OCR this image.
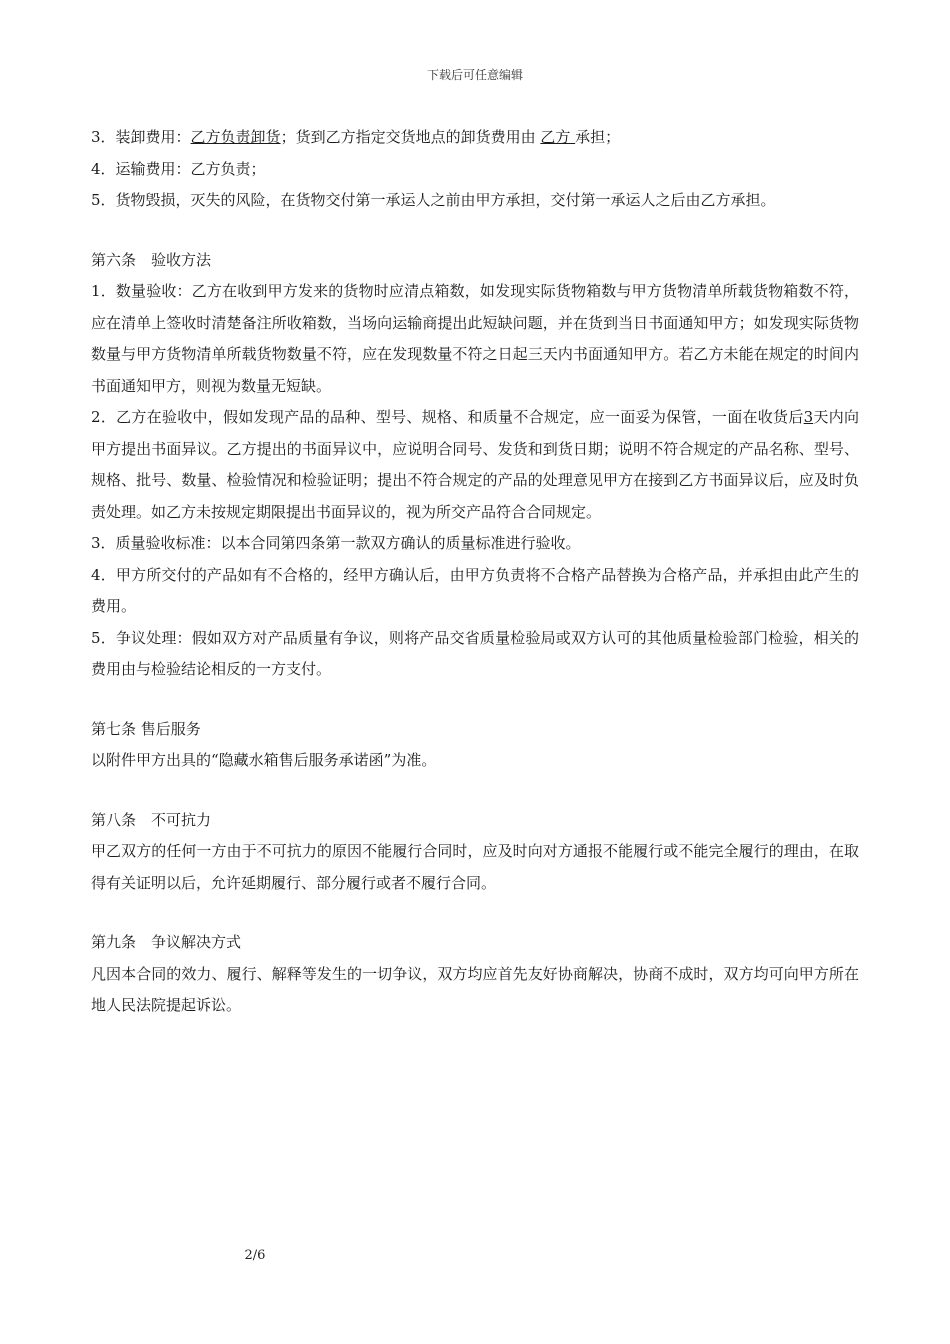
下载后可任意编辑

3．装卸费用：乙方负责卸货；货到乙方指定交货地点的卸货费用由 乙方 承担；

4．运输费用：乙方负责；

5．货物毁损，灭失的风险，在货物交付第一承运人之前由甲方承担，交付第一承运人之后由乙方承担。

第六条　验收方法

1．数量验收：乙方在收到甲方发来的货物时应清点箱数，如发现实际货物箱数与甲方货物清单所载货物箱数不符，应在清单上签收时清楚备注所收箱数，当场向运输商提出此短缺问题，并在货到当日书面通知甲方；如发现实际货物数量与甲方货物清单所载货物数量不符，应在发现数量不符之日起三天内书面通知甲方。若乙方未能在规定的时间内书面通知甲方，则视为数量无短缺。

2．乙方在验收中，假如发现产品的品种、型号、规格、和质量不合规定，应一面妥为保管，一面在收货后3天内向甲方提出书面异议。乙方提出的书面异议中，应说明合同号、发货和到货日期；说明不符合规定的产品名称、型号、规格、批号、数量、检验情况和检验证明；提出不符合规定的产品的处理意见甲方在接到乙方书面异议后，应及时负责处理。如乙方未按规定期限提出书面异议的，视为所交产品符合合同规定。

3．质量验收标准：以本合同第四条第一款双方确认的质量标准进行验收。

4．甲方所交付的产品如有不合格的，经甲方确认后，由甲方负责将不合格产品替换为合格产品，并承担由此产生的费用。

5．争议处理：假如双方对产品质量有争议，则将产品交省质量检验局或双方认可的其他质量检验部门检验，相关的费用由与检验结论相反的一方支付。

第七条 售后服务

以附件甲方出具的“隐藏水箱售后服务承诺函”为准。

第八条　不可抗力

甲乙双方的任何一方由于不可抗力的原因不能履行合同时，应及时向对方通报不能履行或不能完全履行的理由，在取得有关证明以后，允许延期履行、部分履行或者不履行合同。

第九条　争议解决方式

凡因本合同的效力、履行、解释等发生的一切争议，双方均应首先友好协商解决，协商不成时，双方均可向甲方所在地人民法院提起诉讼。

2/6
